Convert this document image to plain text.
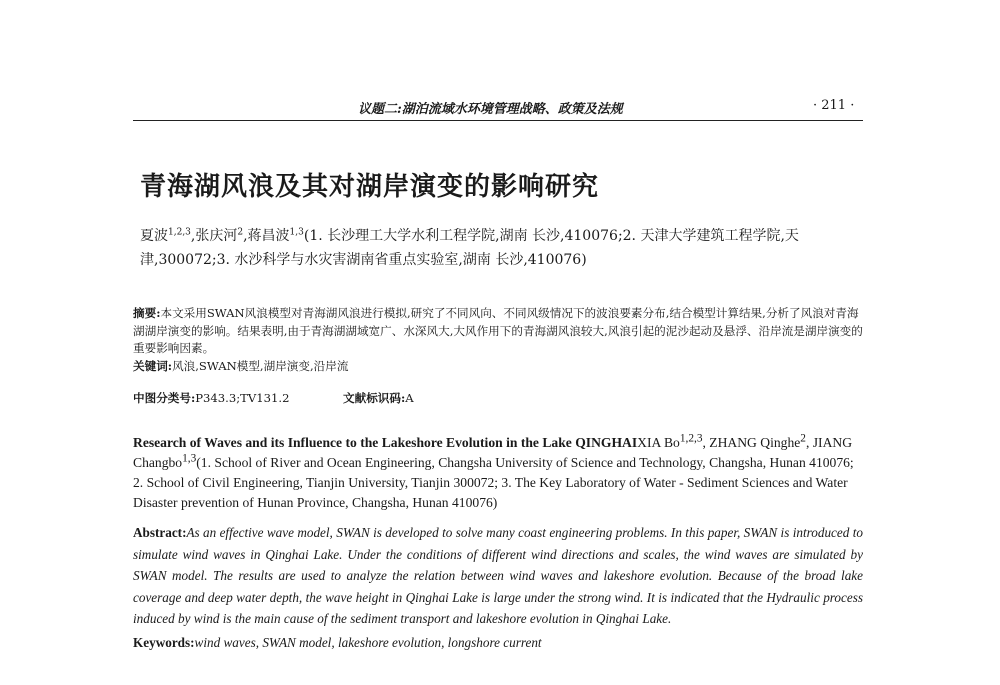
议题二:湖泊流域水环境管理战略、政策及法规	· 211 ·
青海湖风浪及其对湖岸演变的影响研究
夏波$^{1,2,3}$,张庆河$^2$,蒋昌波$^{1,3}$(1. 长沙理工大学水利工程学院,湖南 长沙,410076;2. 天津大学建筑工程学院,天津,300072;3. 水沙科学与水灾害湖南省重点实验室,湖南 长沙,410076)
摘要:本文采用SWAN风浪模型对青海湖风浪进行模拟,研究了不同风向、不同风级情况下的波浪要素分布,结合模型计算结果,分析了风浪对青海湖湖岸演变的影响。结果表明,由于青海湖湖域宽广、水深风大,大风作用下的青海湖风浪较大,风浪引起的泥沙起动及悬浮、沿岸流是湖岸演变的重要影响因素。
关键词:风浪,SWAN模型,湖岸演变,沿岸流
中图分类号:P343.3;TV131.2	文献标识码:A
Research of Waves and its Influence to the Lakeshore Evolution in the Lake QINGHAIXIA Bo$^{1,2,3}$, ZHANG Qinghe$^2$, JIANG Changbo$^{1,3}$(1. School of River and Ocean Engineering, Changsha University of Science and Technology, Changsha, Hunan 410076; 2. School of Civil Engineering, Tianjin University, Tianjin 300072; 3. The Key Laboratory of Water - Sediment Sciences and Water Disaster prevention of Hunan Province, Changsha, Hunan 410076)
Abstract:As an effective wave model, SWAN is developed to solve many coast engineering problems. In this paper, SWAN is introduced to simulate wind waves in Qinghai Lake. Under the conditions of different wind directions and scales, the wind waves are simulated by SWAN model. The results are used to analyze the relation between wind waves and lakeshore evolution. Because of the broad lake coverage and deep water depth, the wave height in Qinghai Lake is large under the strong wind. It is indicated that the Hydraulic process induced by wind is the main cause of the sediment transport and lakeshore evolution in Qinghai Lake.
Keywords:wind waves, SWAN model, lakeshore evolution, longshore current
